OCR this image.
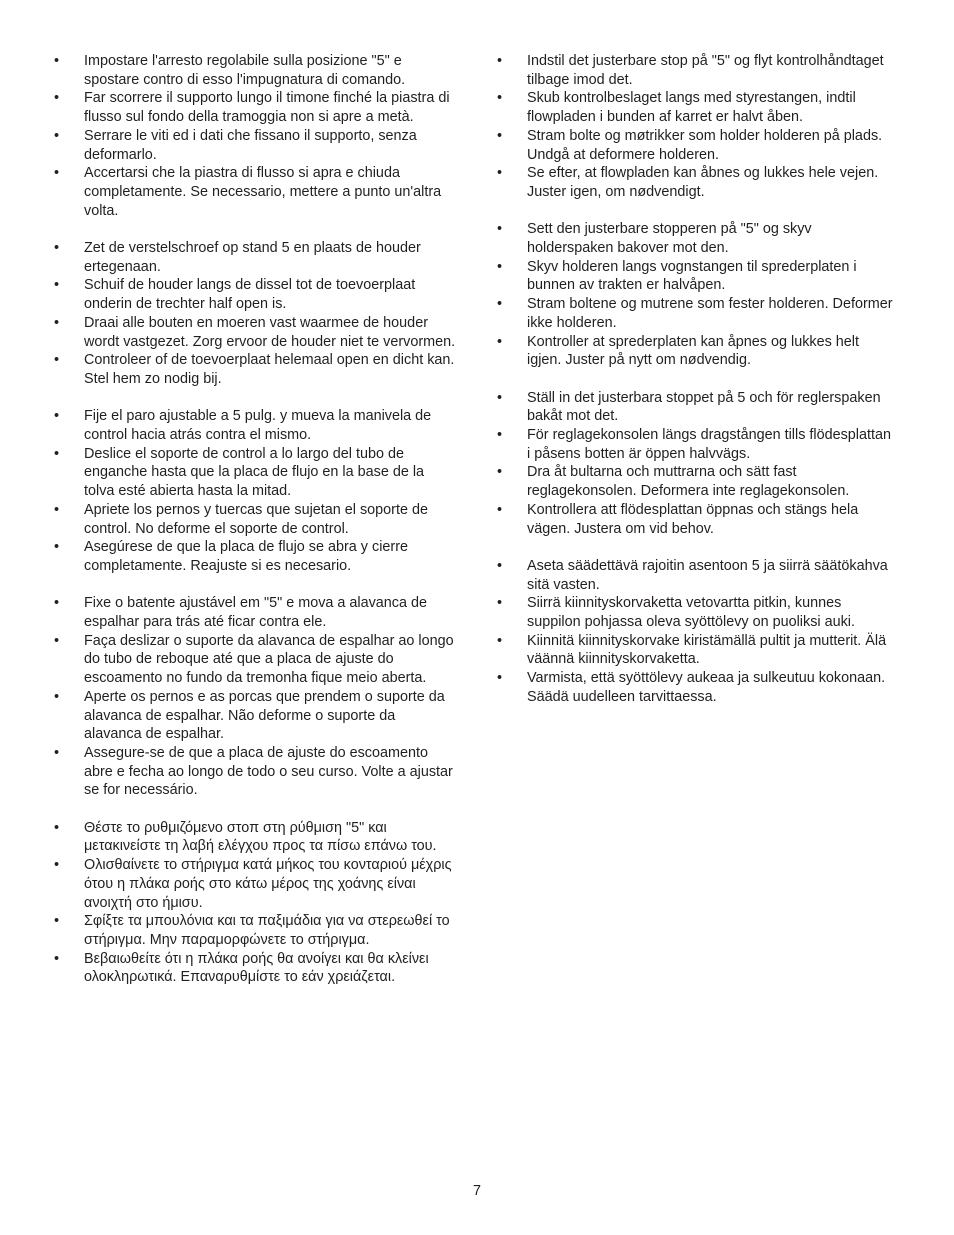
•	Impostare l'arresto regolabile sulla posizione "5" e spostare contro di esso l'impugnatura di comando.
•	Far scorrere il supporto lungo il timone finché la piastra di flusso sul fondo della tramoggia non si apre a metà.
•	Serrare le viti ed i dati che fissano il supporto, senza deformarlo.
•	Accertarsi che la piastra di flusso si apra e chiuda completamente. Se necessario, mettere a punto un'altra volta.
•	Zet de verstelschroef op stand 5 en plaats de houder ertegenaan.
•	Schuif de houder langs de dissel tot de toevoerplaat onderin de trechter half open is.
•	Draai alle bouten en moeren vast waarmee de houder wordt vastgezet. Zorg ervoor de houder niet te vervormen.
•	Controleer of de toevoerplaat helemaal open en dicht kan. Stel hem zo nodig bij.
•	Fije el paro ajustable a 5 pulg. y mueva la manivela de control hacia atrás contra el mismo.
•	Deslice el soporte de control a lo largo del tubo de enganche hasta que la placa de flujo en la base de la tolva esté abierta hasta la mitad.
•	Apriete los pernos y tuercas que sujetan el soporte de control. No deforme el soporte de control.
•	Asegúrese de que la placa de flujo se abra y cierre completamente. Reajuste si es necesario.
•	Fixe o batente ajustável em "5" e mova a alavanca de espalhar para trás até ficar contra ele.
•	Faça deslizar o suporte da alavanca de espalhar ao longo do tubo de reboque até que a placa de ajuste do escoamento no fundo da tremonha fique meio aberta.
•	Aperte os pernos e as porcas que prendem o suporte da alavanca de espalhar. Não deforme o suporte da alavanca de espalhar.
•	Assegure-se de que a placa de ajuste do escoamento abre e fecha ao longo de todo o seu curso. Volte a ajustar se for necessário.
•	Θέστε το ρυθμιζόμενο στοπ στη ρύθμιση "5" και μετακινείστε τη λαβή ελέγχου προς τα πίσω επάνω του.
•	Ολισθαίνετε το στήριγμα κατά μήκος του κονταριού μέχρις ότου η πλάκα ροής στο κάτω μέρος της χοάνης είναι ανοιχτή στο ήμισυ.
•	Σφίξτε τα μπουλόνια και τα παξιμάδια για να στερεωθεί το στήριγμα. Μην παραμορφώνετε το στήριγμα.
•	Βεβαιωθείτε ότι η πλάκα ροής θα ανοίγει και θα κλείνει ολοκληρωτικά. Επαναρυθμίστε το εάν χρειάζεται.
•	Indstil det justerbare stop på "5" og flyt kontrolhåndtaget tilbage imod det.
•	Skub kontrolbeslaget langs med styrestangen, indtil flowpladen i bunden af karret er halvt åben.
•	Stram bolte og møtrikker som holder holderen på plads. Undgå at deformere holderen.
•	Se efter, at flowpladen kan åbnes og lukkes hele vejen. Juster igen, om nødvendigt.
•	Sett den justerbare stopperen på "5" og skyv holderspaken bakover mot den.
•	Skyv holderen langs vognstangen til sprederplaten i bunnen av trakten er halvåpen.
•	Stram boltene og mutrene som fester holderen. Deformer ikke holderen.
•	Kontroller at sprederplaten kan åpnes og lukkes helt igjen. Juster på nytt om nødvendig.
•	Ställ in det justerbara stoppet på 5 och för reglerspaken bakåt mot det.
•	För reglagekonsolen längs dragstången tills flödesplattan i påsens botten är öppen halvvägs.
•	Dra åt bultarna och muttrarna och sätt fast reglagekonsolen. Deformera inte reglagekonsolen.
•	Kontrollera att flödesplattan öppnas och stängs hela vägen. Justera om vid behov.
•	Aseta säädettävä rajoitin asentoon 5 ja siirrä säätökahva sitä vasten.
•	Siirrä kiinnityskorvaketta vetovartta pitkin, kunnes suppilon pohjassa oleva syöttölevy on puoliksi auki.
•	Kiinnitä kiinnityskorvake kiristämällä pultit ja mutterit. Älä väännä kiinnityskorvaketta.
•	Varmista, että syöttölevy aukeaa ja sulkeutuu kokonaan. Säädä uudelleen tarvittaessa.
7
